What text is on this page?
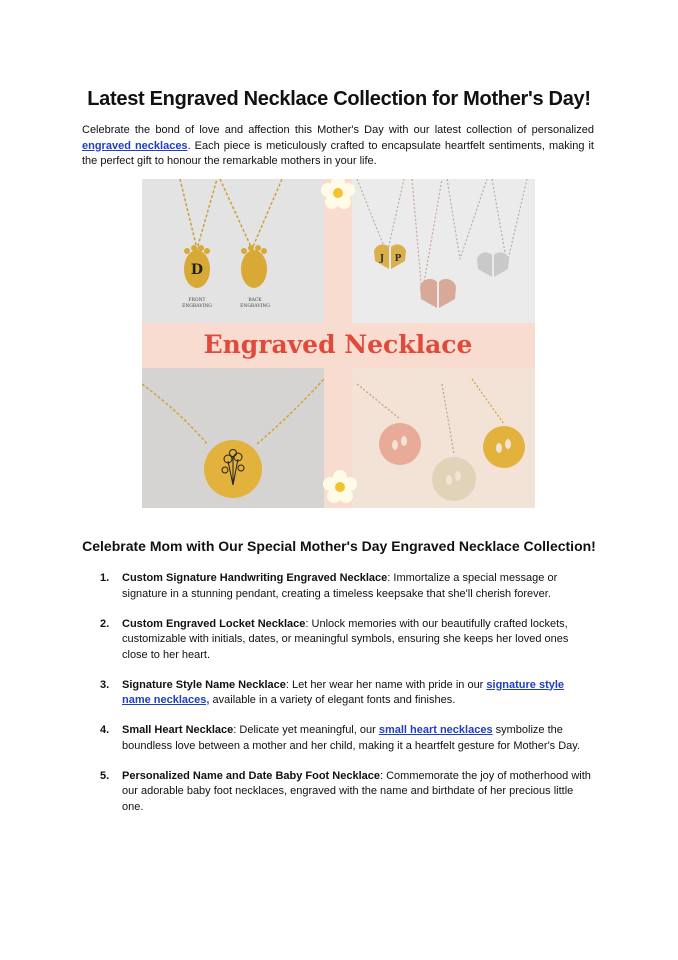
Latest Engraved Necklace Collection for Mother's Day!
Celebrate the bond of love and affection this Mother's Day with our latest collection of personalized engraved necklaces. Each piece is meticulously crafted to encapsulate heartfelt sentiments, making it the perfect gift to honour the remarkable mothers in your life.
D
FRONT
ENGRAVING
BACK
ENGRAVING
J P
Engraved Necklace
Celebrate Mom with Our Special Mother's Day Engraved Necklace Collection!
1. Custom Signature Handwriting Engraved Necklace: Immortalize a special message or signature in a stunning pendant, creating a timeless keepsake that she'll cherish forever.
2. Custom Engraved Locket Necklace: Unlock memories with our beautifully crafted lockets, customizable with initials, dates, or meaningful symbols, ensuring she keeps her loved ones close to her heart.
3. Signature Style Name Necklace: Let her wear her name with pride in our signature style name necklaces, available in a variety of elegant fonts and finishes.
4. Small Heart Necklace: Delicate yet meaningful, our small heart necklaces symbolize the boundless love between a mother and her child, making it a heartfelt gesture for Mother's Day.
5. Personalized Name and Date Baby Foot Necklace: Commemorate the joy of motherhood with our adorable baby foot necklaces, engraved with the name and birthdate of her precious little one.
